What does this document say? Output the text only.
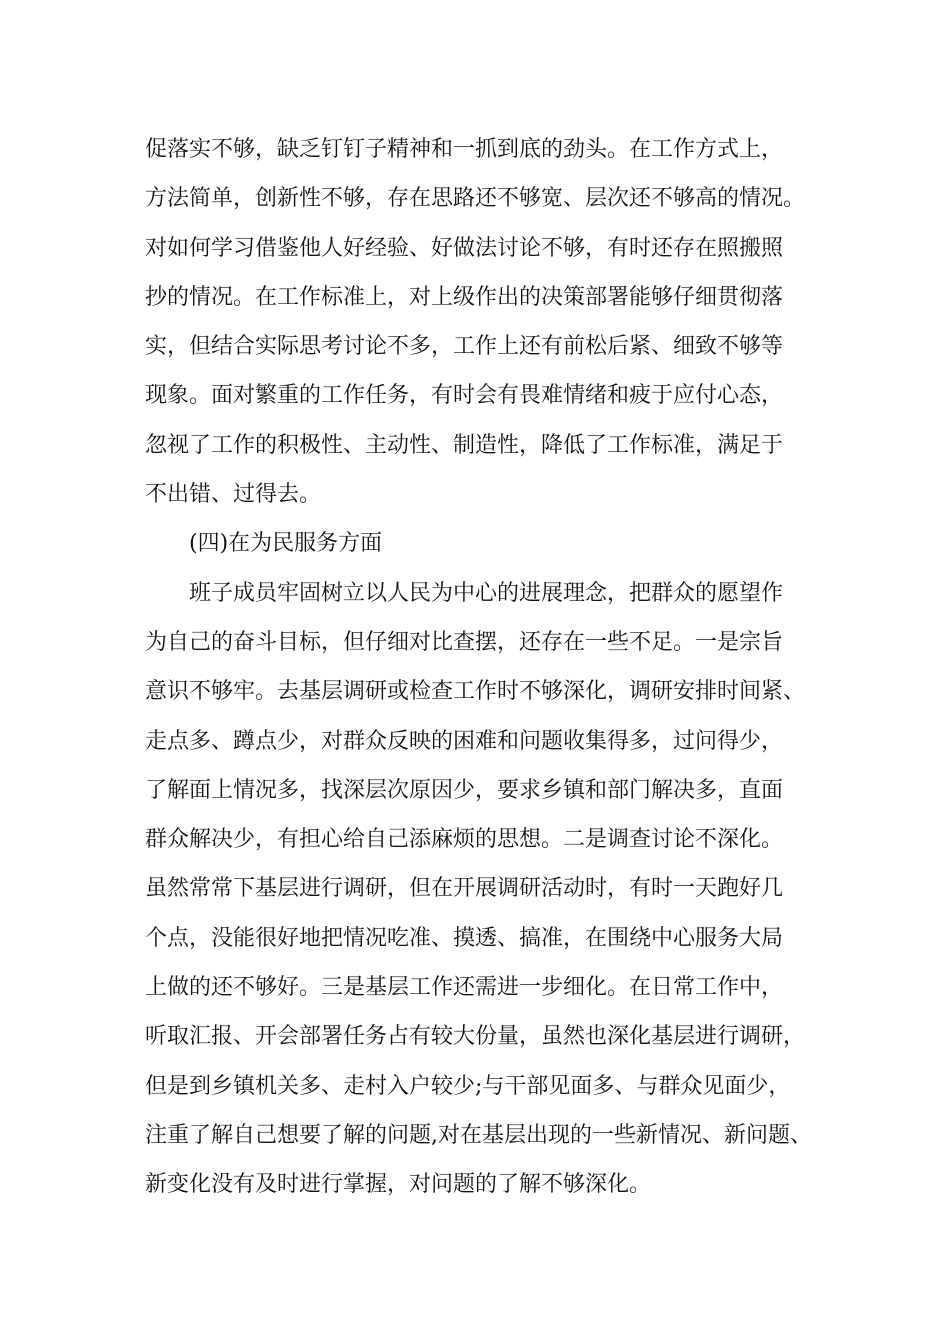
促落实不够，缺乏钉钉子精神和一抓到底的劲头。在工作方式上，
方法简单，创新性不够，存在思路还不够宽、层次还不够高的情况。
对如何学习借鉴他人好经验、好做法讨论不够，有时还存在照搬照
抄的情况。在工作标准上，对上级作出的决策部署能够仔细贯彻落
实，但结合实际思考讨论不多，工作上还有前松后紧、细致不够等
现象。面对繁重的工作任务，有时会有畏难情绪和疲于应付心态，
忽视了工作的积极性、主动性、制造性，降低了工作标准，满足于
不出错、过得去。
(四)在为民服务方面
班子成员牢固树立以人民为中心的进展理念，把群众的愿望作
为自己的奋斗目标，但仔细对比查摆，还存在一些不足。一是宗旨
意识不够牢。去基层调研或检查工作时不够深化，调研安排时间紧、
走点多、蹲点少，对群众反映的困难和问题收集得多，过问得少，
了解面上情况多，找深层次原因少，要求乡镇和部门解决多，直面
群众解决少，有担心给自己添麻烦的思想。二是调查讨论不深化。
虽然常常下基层进行调研，但在开展调研活动时，有时一天跑好几
个点，没能很好地把情况吃准、摸透、搞准，在围绕中心服务大局
上做的还不够好。三是基层工作还需进一步细化。在日常工作中，
听取汇报、开会部署任务占有较大份量，虽然也深化基层进行调研，
但是到乡镇机关多、走村入户较少;与干部见面多、与群众见面少，
注重了解自己想要了解的问题,对在基层出现的一些新情况、新问题、
新变化没有及时进行掌握，对问题的了解不够深化。
